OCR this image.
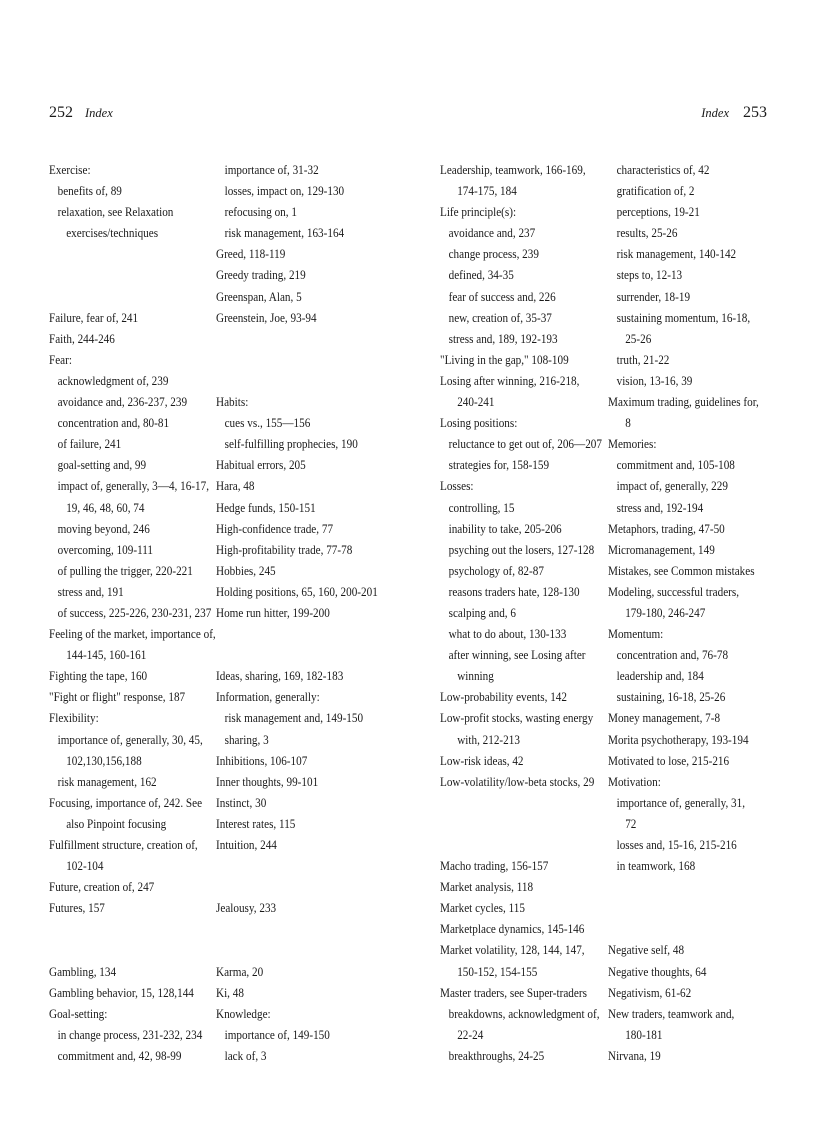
252 Index	Index 253
Exercise:
benefits of, 89
relaxation, see Relaxation
exercises/techniques
Failure, fear of, 241
Faith, 244-246
Fear:
acknowledgment of, 239
avoidance and, 236-237, 239
concentration and, 80-81
of failure, 241
goal-setting and, 99
impact of, generally, 3—4, 16-17,
19, 46, 48, 60, 74
moving beyond, 246
overcoming, 109-111
of pulling the trigger, 220-221
stress and, 191
of success, 225-226, 230-231, 237
Feeling of the market, importance of,
144-145, 160-161
Fighting the tape, 160
"Fight or flight" response, 187
Flexibility:
importance of, generally, 30, 45,
102,130,156,188
risk management, 162
Focusing, importance of, 242. See
also Pinpoint focusing
Fulfillment structure, creation of,
102-104
Future, creation of, 247
Futures, 157
Gambling, 134
Gambling behavior, 15, 128,144
Goal-setting:
in change process, 231-232, 234
commitment and, 42, 98-99
importance of, 31-32
losses, impact on, 129-130
refocusing on, 1
risk management, 163-164
Greed, 118-119
Greedy trading, 219
Greenspan, Alan, 5
Greenstein, Joe, 93-94
Habits:
cues vs., 155—156
self-fulfilling prophecies, 190
Habitual errors, 205
Hara, 48
Hedge funds, 150-151
High-confidence trade, 77
High-profitability trade, 77-78
Hobbies, 245
Holding positions, 65, 160, 200-201
Home run hitter, 199-200
Ideas, sharing, 169, 182-183
Information, generally:
risk management and, 149-150
sharing, 3
Inhibitions, 106-107
Inner thoughts, 99-101
Instinct, 30
Interest rates, 115
Intuition, 244
Jealousy, 233
Karma, 20
Ki, 48
Knowledge:
importance of, 149-150
lack of, 3
Leadership, teamwork, 166-169,
174-175, 184
Life principle(s):
avoidance and, 237
change process, 239
defined, 34-35
fear of success and, 226
new, creation of, 35-37
stress and, 189, 192-193
"Living in the gap," 108-109
Losing after winning, 216-218,
240-241
Losing positions:
reluctance to get out of, 206—207
strategies for, 158-159
Losses:
controlling, 15
inability to take, 205-206
psyching out the losers, 127-128
psychology of, 82-87
reasons traders hate, 128-130
scalping and, 6
what to do about, 130-133
after winning, see Losing after
winning
Low-probability events, 142
Low-profit stocks, wasting energy
with, 212-213
Low-risk ideas, 42
Low-volatility/low-beta stocks, 29
Macho trading, 156-157
Market analysis, 118
Market cycles, 115
Marketplace dynamics, 145-146
Market volatility, 128, 144, 147,
150-152, 154-155
Master traders, see Super-traders
breakdowns, acknowledgment of,
22-24
breakthroughs, 24-25
characteristics of, 42
gratification of, 2
perceptions, 19-21
results, 25-26
risk management, 140-142
steps to, 12-13
surrender, 18-19
sustaining momentum, 16-18,
25-26
truth, 21-22
vision, 13-16, 39
Maximum trading, guidelines for,
8
Memories:
commitment and, 105-108
impact of, generally, 229
stress and, 192-194
Metaphors, trading, 47-50
Micromanagement, 149
Mistakes, see Common mistakes
Modeling, successful traders,
179-180, 246-247
Momentum:
concentration and, 76-78
leadership and, 184
sustaining, 16-18, 25-26
Money management, 7-8
Morita psychotherapy, 193-194
Motivated to lose, 215-216
Motivation:
importance of, generally, 31,
72
losses and, 15-16, 215-216
in teamwork, 168
Negative self, 48
Negative thoughts, 64
Negativism, 61-62
New traders, teamwork and,
180-181
Nirvana, 19
